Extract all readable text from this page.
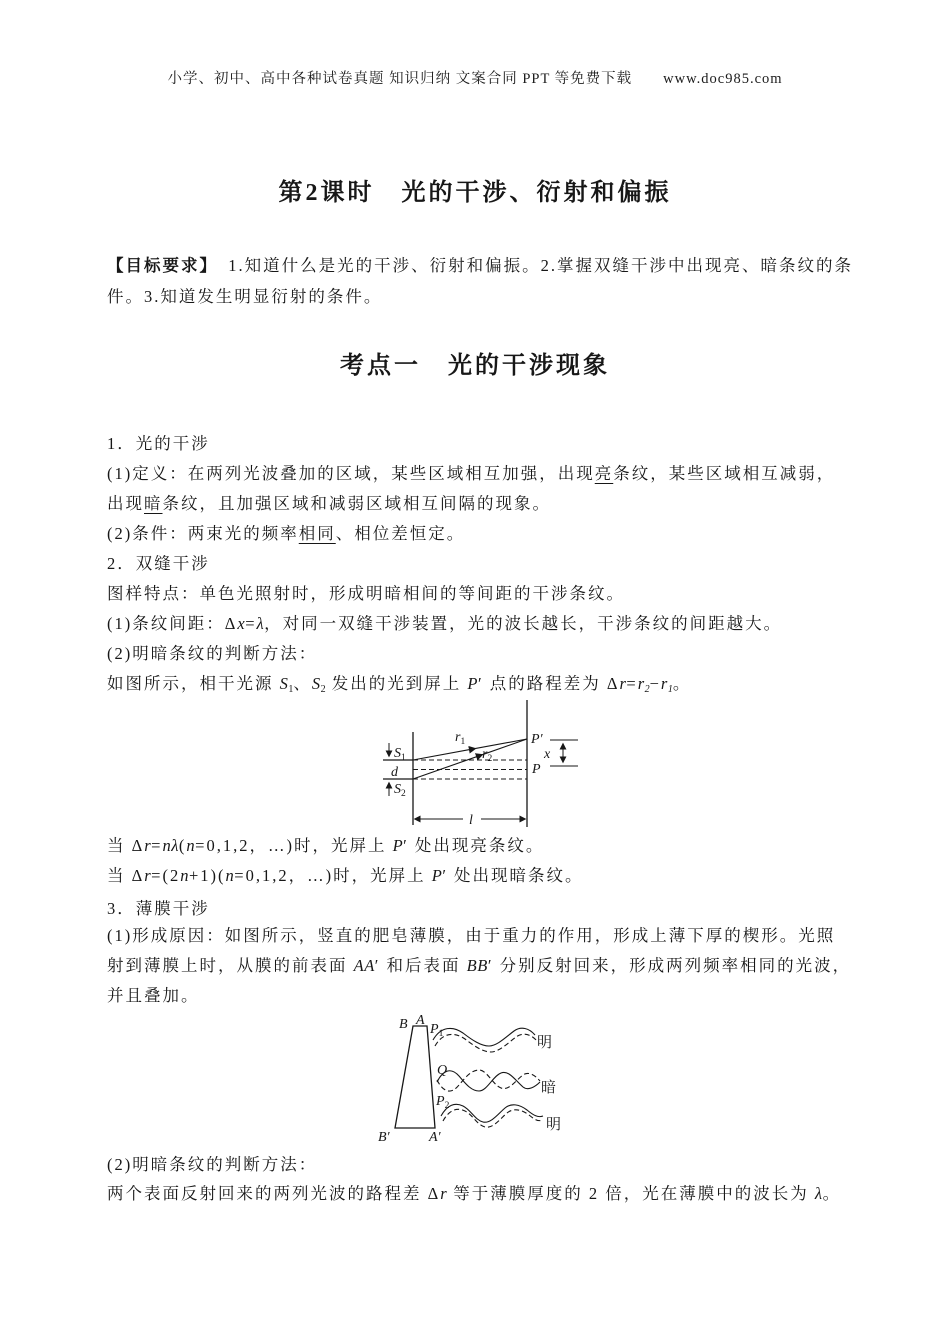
小学、初中、高中各种试卷真题 知识归纳 文案合同 PPT 等免费下载　　www.doc985.com
第2课时　光的干涉、衍射和偏振
【目标要求】　1.知道什么是光的干涉、衍射和偏振。2.掌握双缝干涉中出现亮、暗条纹的条
件。3.知道发生明显衍射的条件。
考点一　光的干涉现象
1．光的干涉
(1)定义：在两列光波叠加的区域，某些区域相互加强，出现亮条纹，某些区域相互减弱，
出现暗条纹，且加强区域和减弱区域相互间隔的现象。
(2)条件：两束光的频率相同、相位差恒定。
2．双缝干涉
图样特点：单色光照射时，形成明暗相间的等间距的干涉条纹。
(1)条纹间距：Δx=λ，对同一双缝干涉装置，光的波长越长，干涉条纹的间距越大。
(2)明暗条纹的判断方法：
如图所示，相干光源 $S_1$、$S_2$ 发出的光到屏上 P′ 点的路程差为 $\Delta r=r_2-r_1$。
$S_1$
d
$S_2$
$r_1$
$r_2$
P′
P
x
l
当 Δr=nλ(n=0,1,2，…)时，光屏上 P′ 处出现亮条纹。
当 Δr=(2n+1)(n=0,1,2，…)时，光屏上 P′ 处出现暗条纹。
3．薄膜干涉
(1)形成原因：如图所示，竖直的肥皂薄膜，由于重力的作用，形成上薄下厚的楔形。光照
射到薄膜上时，从膜的前表面 AA′ 和后表面 BB′ 分别反射回来，形成两列频率相同的光波，
并且叠加。
B A
$P_1$
Q
$P_2$
B′	A′
明
暗
明
(2)明暗条纹的判断方法：
两个表面反射回来的两列光波的路程差 Δr 等于薄膜厚度的 2 倍，光在薄膜中的波长为 λ。
